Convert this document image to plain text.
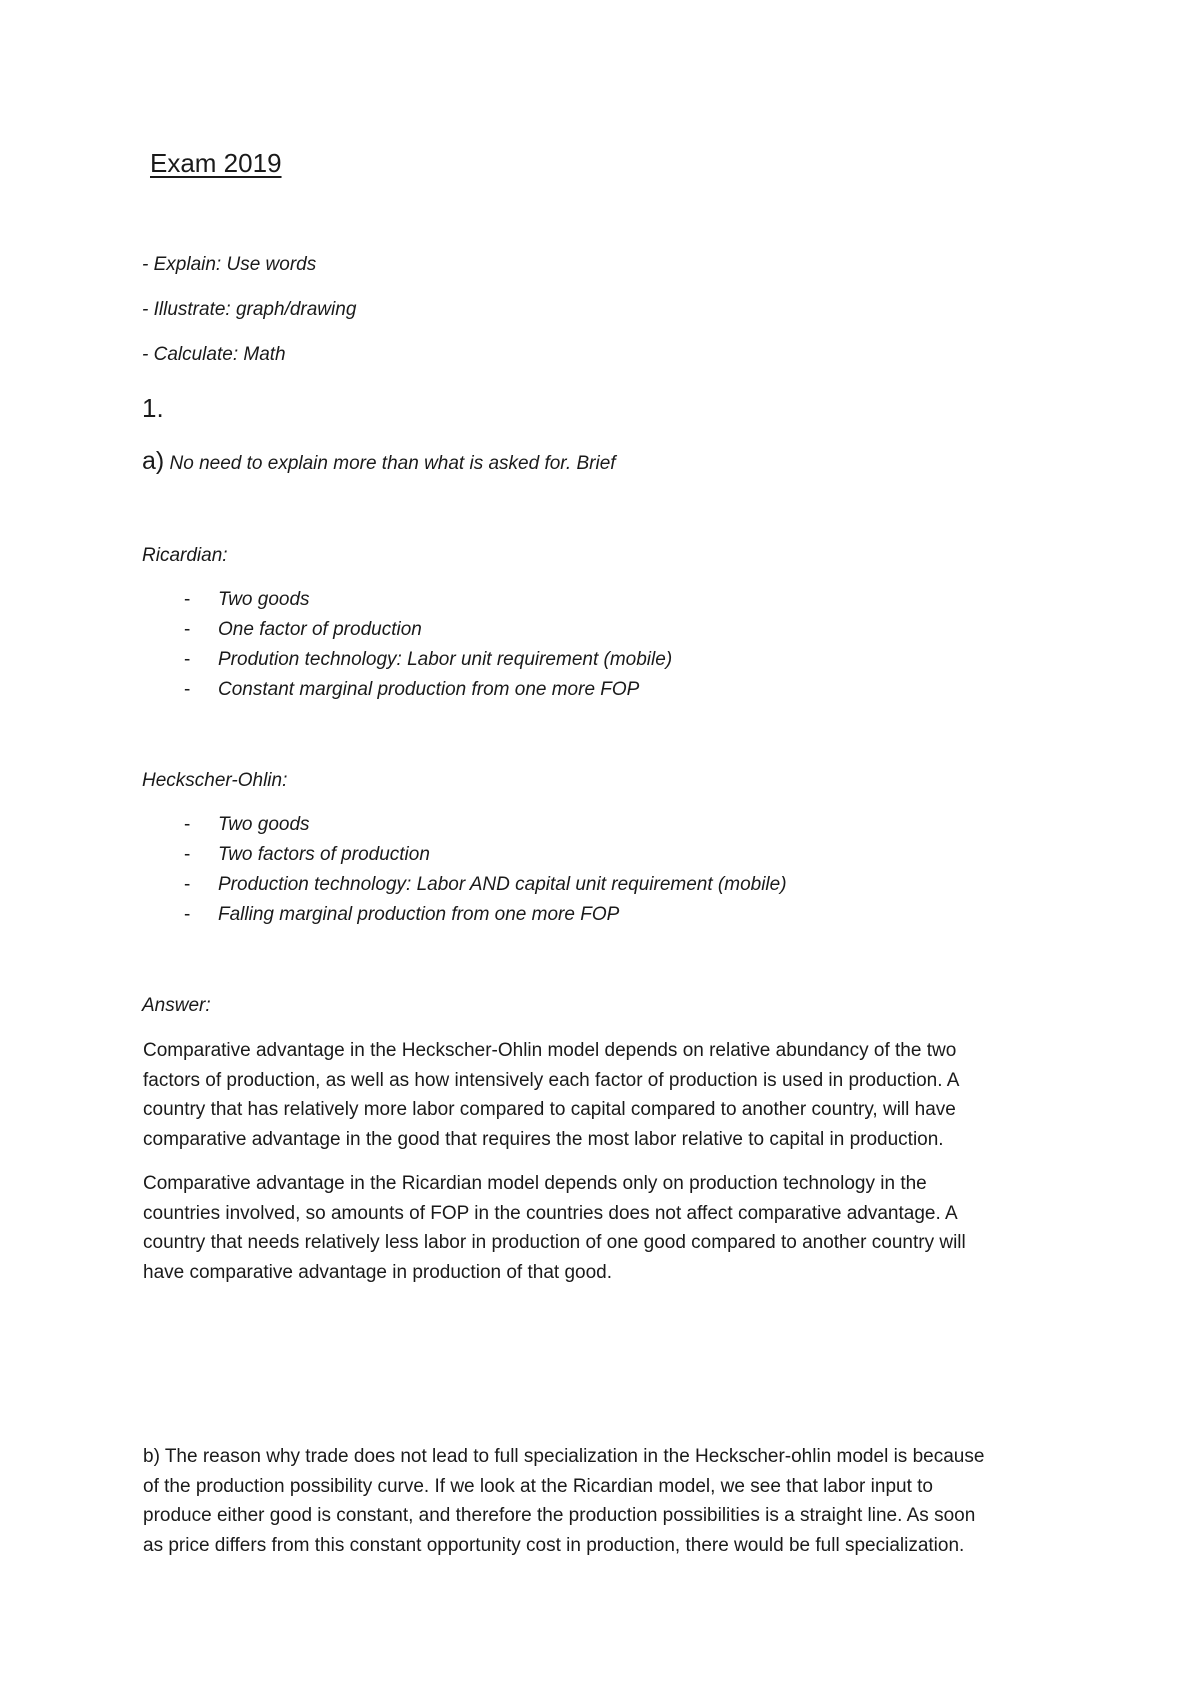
Exam 2019
- Explain: Use words
- Illustrate: graph/drawing
- Calculate: Math
1.
a) No need to explain more than what is asked for. Brief
Ricardian:
- Two goods
- One factor of production
- Prodution technology: Labor unit requirement (mobile)
- Constant marginal production from one more FOP
Heckscher-Ohlin:
- Two goods
- Two factors of production
- Production technology: Labor AND capital unit requirement (mobile)
- Falling marginal production from one more FOP
Answer:

Comparative advantage in the Heckscher-Ohlin model depends on relative abundancy of the two
factors of production, as well as how intensively each factor of production is used in production. A
country that has relatively more labor compared to capital compared to another country, will have
comparative advantage in the good that requires the most labor relative to capital in production.

Comparative advantage in the Ricardian model depends only on production technology in the
countries involved, so amounts of FOP in the countries does not affect comparative advantage. A
country that needs relatively less labor in production of one good compared to another country will
have comparative advantage in production of that good.

b) The reason why trade does not lead to full specialization in the Heckscher-ohlin model is because
of the production possibility curve. If we look at the Ricardian model, we see that labor input to
produce either good is constant, and therefore the production possibilities is a straight line. As soon
as price differs from this constant opportunity cost in production, there would be full specialization.
